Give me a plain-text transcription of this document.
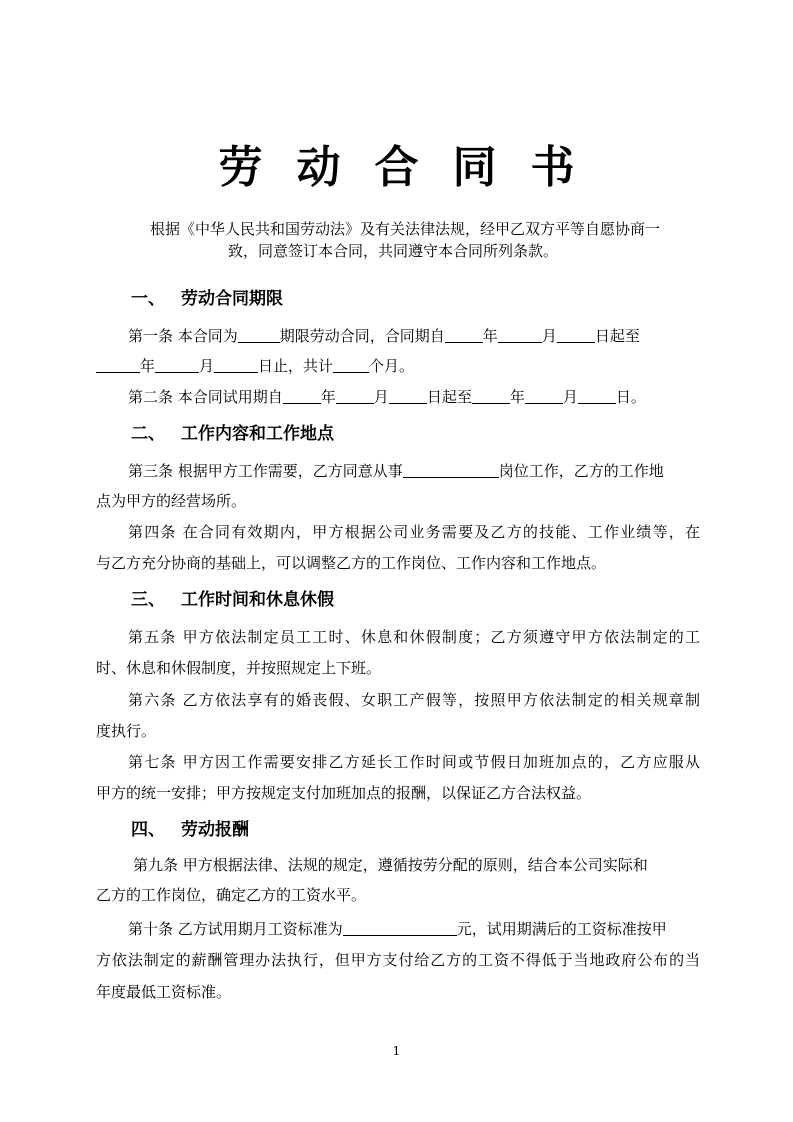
劳动合同书
根据《中华人民共和国劳动法》及有关法律法规，经甲乙双方平等自愿协商一
致，同意签订本合同，共同遵守本合同所列条款。
一、 劳动合同期限
第一条 本合同为	期限劳动合同，合同期自	年	月	日起至
年	月	日止，共计 个月。
第二条 本合同试用期自	年	月	日起至	年	月	日。
二、 工作内容和工作地点
第三条 根据甲方工作需要，乙方同意从事	岗位工作，乙方的工作地
点为甲方的经营场所。
第四条 在合同有效期内，甲方根据公司业务需要及乙方的技能、工作业绩等，在
与乙方充分协商的基础上，可以调整乙方的工作岗位、工作内容和工作地点。
三、 工作时间和休息休假
第五条 甲方依法制定员工工时、休息和休假制度；乙方须遵守甲方依法制定的工
时、休息和休假制度，并按照规定上下班。
第六条 乙方依法享有的婚丧假、女职工产假等，按照甲方依法制定的相关规章制
度执行。
第七条 甲方因工作需要安排乙方延长工作时间或节假日加班加点的，乙方应服从
甲方的统一安排；甲方按规定支付加班加点的报酬，以保证乙方合法权益。
四、 劳动报酬
第九条 甲方根据法律、法规的规定，遵循按劳分配的原则，结合本公司实际和
乙方的工作岗位，确定乙方的工资水平。
第十条 乙方试用期月工资标准为	元，试用期满后的工资标准按甲
方依法制定的薪酬管理办法执行，但甲方支付给乙方的工资不得低于当地政府公布的当
年度最低工资标准。
1
